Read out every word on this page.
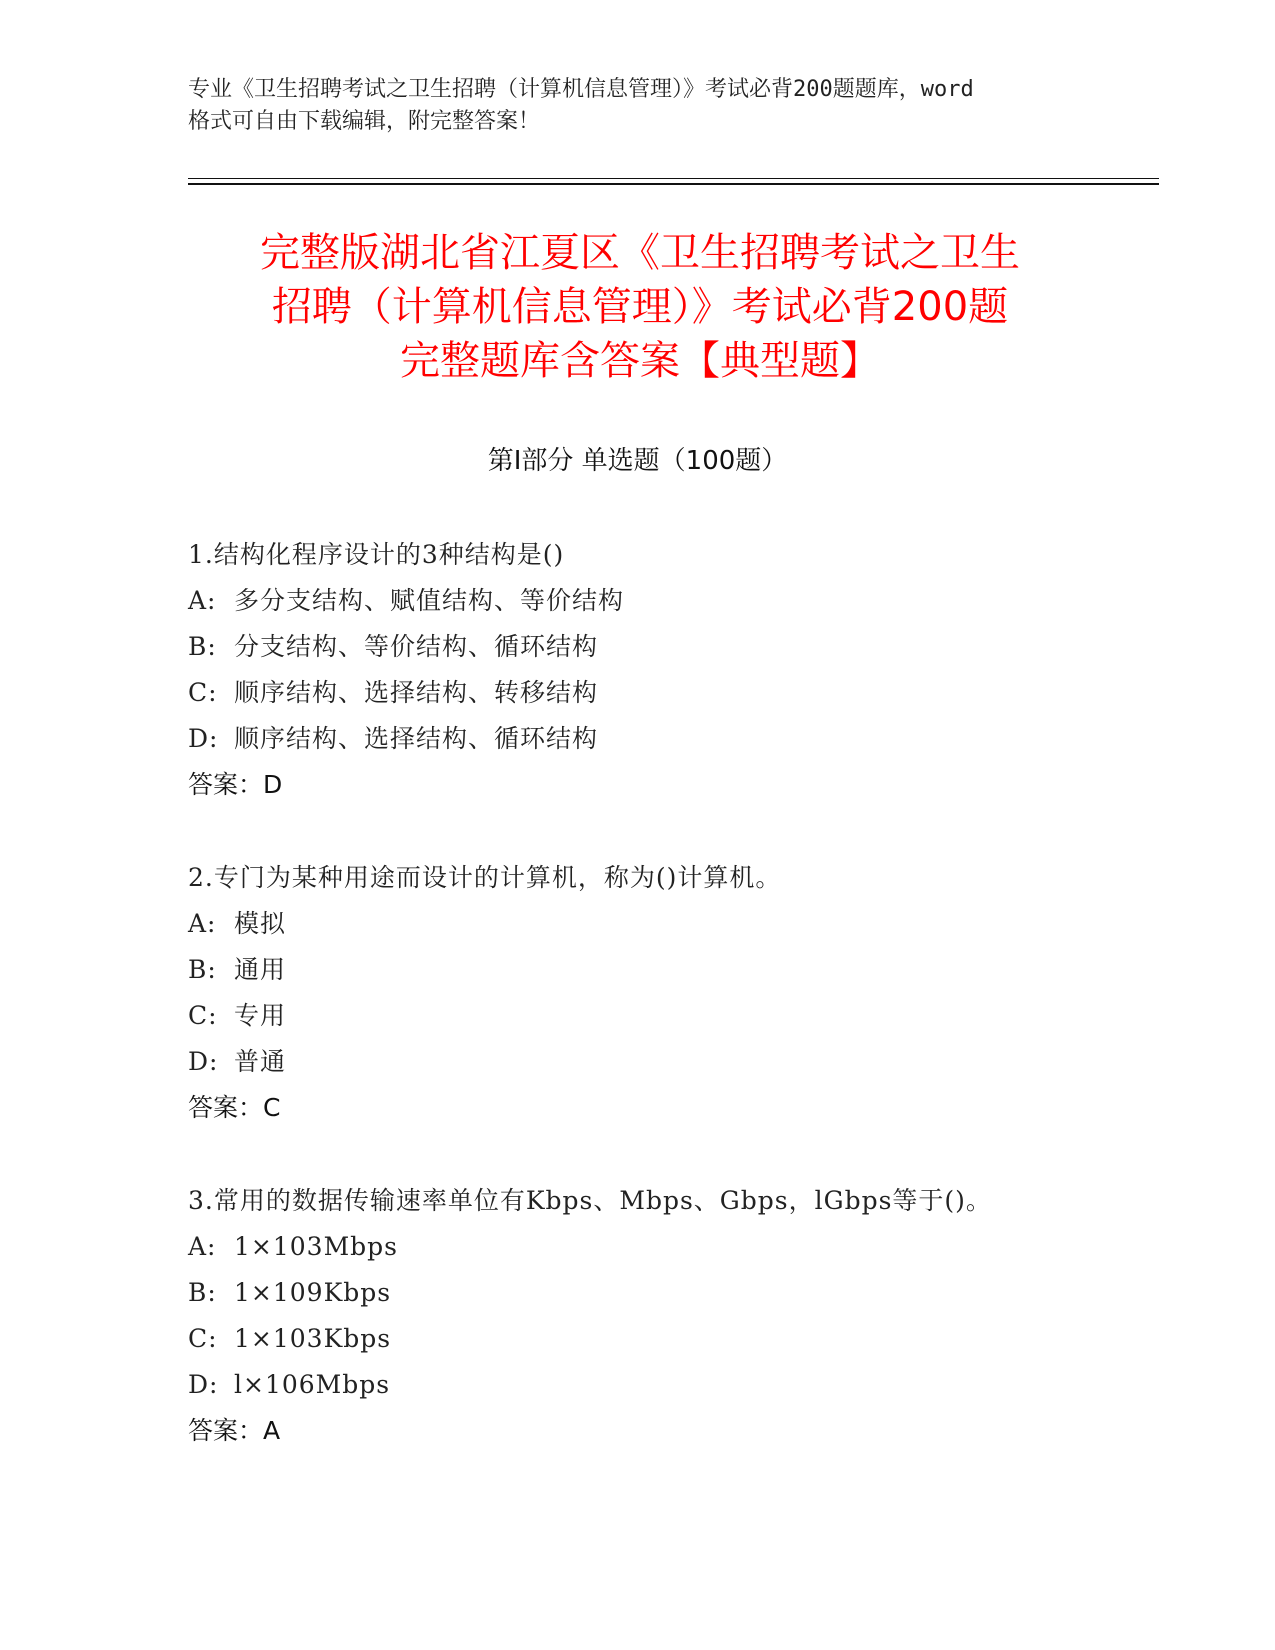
专业《卫生招聘考试之卫生招聘（计算机信息管理）》考试必背200题题库，word
格式可自由下载编辑，附完整答案！
完整版湖北省江夏区《卫生招聘考试之卫生
招聘（计算机信息管理）》考试必背200题
完整题库含答案【典型题】
第Ⅰ部分 单选题（100题）
1.结构化程序设计的3种结构是()
A: 多分支结构、赋值结构、等价结构
B: 分支结构、等价结构、循环结构
C: 顺序结构、选择结构、转移结构
D: 顺序结构、选择结构、循环结构
答案：D
2.专门为某种用途而设计的计算机，称为()计算机。
A: 模拟
B: 通用
C: 专用
D: 普通
答案：C
3.常用的数据传输速率单位有Kbps、Mbps、Gbps，lGbps等于()。
A: 1×103Mbps
B: 1×109Kbps
C: 1×103Kbps
D: l×106Mbps
答案：A
